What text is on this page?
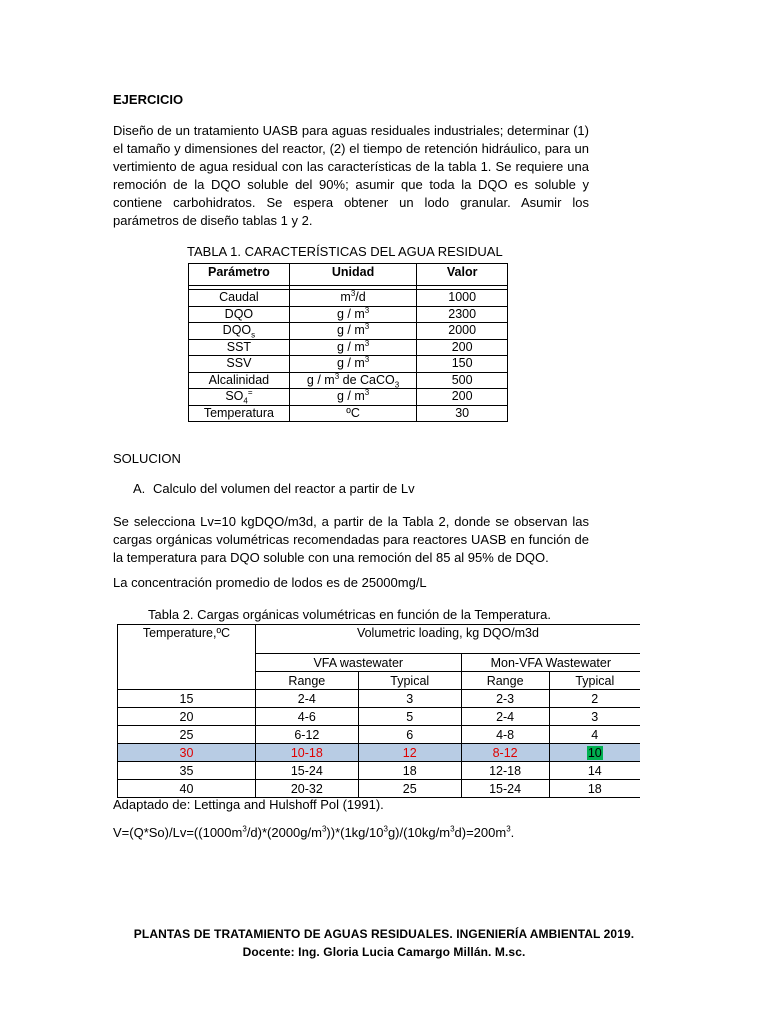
EJERCICIO

Diseño de un tratamiento UASB para aguas residuales industriales; determinar (1) el tamaño y dimensiones del reactor, (2) el tiempo de retención hidráulico, para un vertimiento de agua residual con las características de la tabla 1. Se requiere una remoción de la DQO soluble del 90%; asumir que toda la DQO es soluble y contiene carbohidratos. Se espera obtener un lodo granular. Asumir los parámetros de diseño tablas 1 y 2.

TABLA 1. CARACTERÍSTICAS DEL AGUA RESIDUAL
Parámetro	Unidad	Valor

Caudal	$m^3/d$	1000
DQO	g / $m^3$	2300
$DQO_s$	g / $m^3$	2000
SST	g / $m^3$	200
SSV	g / $m^3$	150
Alcalinidad	g / $m^3$ de CaCO$_3$	500
$SO_4^=$	g / $m^3$	200
Temperatura	ºC	30
SOLUCION
A. Calculo del volumen del reactor a partir de Lv

Se selecciona Lv=10 kgDQO/m3d, a partir de la Tabla 2, donde se observan las cargas orgánicas volumétricas recomendadas para reactores UASB en función de la temperatura para DQO soluble con una remoción del 85 al 95% de DQO.

La concentración promedio de lodos es de 25000mg/L

Tabla 2. Cargas orgánicas volumétricas en función de la Temperatura.
Temperature,ºC	Volumetric loading, kg DQO/m3d			
	VFA wastewater		Mon-VFA Wastewater	
	Range	Typical	Range	Typical
15	2-4	3	2-3	2
20	4-6	5	2-4	3
25	6-12	6	4-8	4
30	10-18	12	8-12	10
35	15-24	18	12-18	14
40	20-32	25	15-24	18
Adaptado de: Lettinga and Hulshoff Pol (1991).
$V=(Q*So)/Lv=((1000m^3/d)*(2000g/m^3))*(1kg/10^3g)/(10kg/m^3d)=200m^3$.
PLANTAS DE TRATAMIENTO DE AGUAS RESIDUALES. INGENIERÍA AMBIENTAL 2019.
Docente: Ing. Gloria Lucia Camargo Millán. M.sc.
